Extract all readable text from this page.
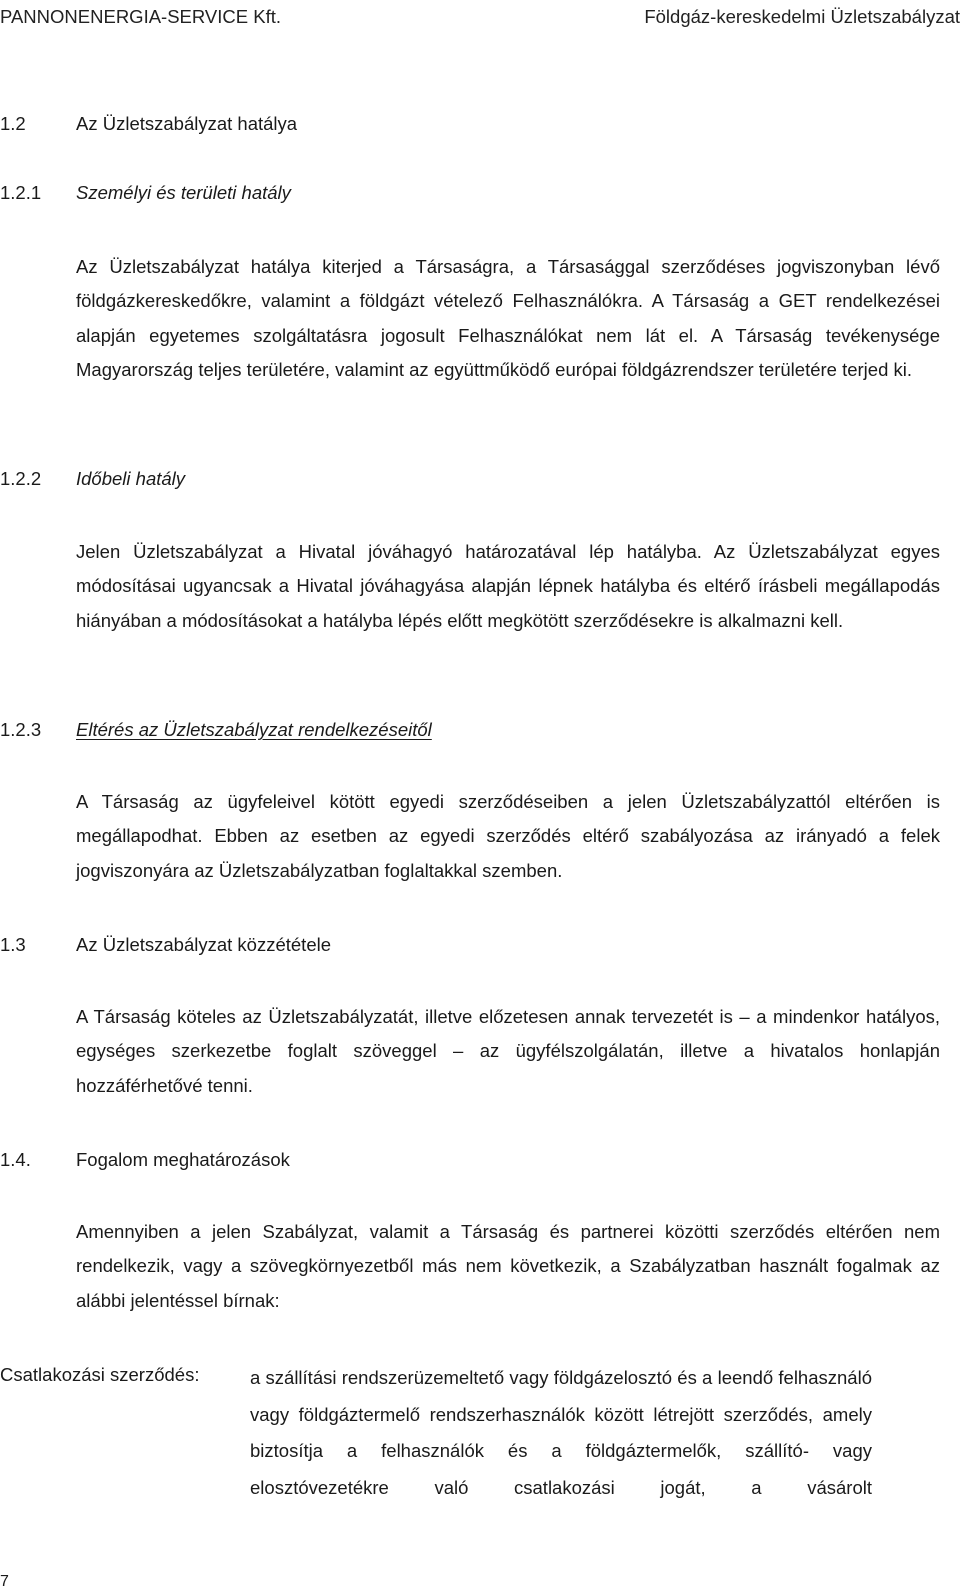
PANNONENERGIA-SERVICE Kft.	Földgáz-kereskedelmi Üzletszabályzat
1.2	Az Üzletszabályzat hatálya
1.2.1 Személyi és területi hatály

Az Üzletszabályzat hatálya kiterjed a Társaságra, a Társasággal szerződéses jogviszonyban lévő földgázkereskedőkre, valamint a földgázt vételező Felhasználókra. A Társaság a GET rendelkezései alapján egyetemes szolgáltatásra jogosult Felhasználókat nem lát el. A Társaság tevékenysége Magyarország teljes területére, valamint az együttműködő európai földgázrendszer területére terjed ki.

1.2.2 Időbeli hatály

Jelen Üzletszabályzat a Hivatal jóváhagyó határozatával lép hatályba. Az Üzletszabályzat egyes módosításai ugyancsak a Hivatal jóváhagyása alapján lépnek hatályba és eltérő írásbeli megállapodás hiányában a módosításokat a hatályba lépés előtt megkötött szerződésekre is alkalmazni kell.

1.2.3 Eltérés az Üzletszabályzat rendelkezéseitől

A Társaság az ügyfeleivel kötött egyedi szerződéseiben a jelen Üzletszabályzattól eltérően is megállapodhat. Ebben az esetben az egyedi szerződés eltérő szabályozása az irányadó a felek jogviszonyára az Üzletszabályzatban foglaltakkal szemben.

1.3	Az Üzletszabályzat közzététele

A Társaság köteles az Üzletszabályzatát, illetve előzetesen annak tervezetét is – a mindenkor hatályos, egységes szerkezetbe foglalt szöveggel – az ügyfélszolgálatán, illetve a hivatalos honlapján hozzáférhetővé tenni.

1.4. Fogalom meghatározások

Amennyiben a jelen Szabályzat, valamit a Társaság és partnerei közötti szerződés eltérően nem rendelkezik, vagy a szövegkörnyezetből más nem következik, a Szabályzatban használt fogalmak az alábbi jelentéssel bírnak:

Csatlakozási szerződés:	a szállítási rendszerüzemeltető vagy földgázelosztó és a leendő felhasználó vagy földgáztermelő rendszerhasználók között létrejött szerződés, amely biztosítja a felhasználók és a földgáztermelők, szállító- vagy elosztóvezetékre való csatlakozási jogát, a vásárolt
7
